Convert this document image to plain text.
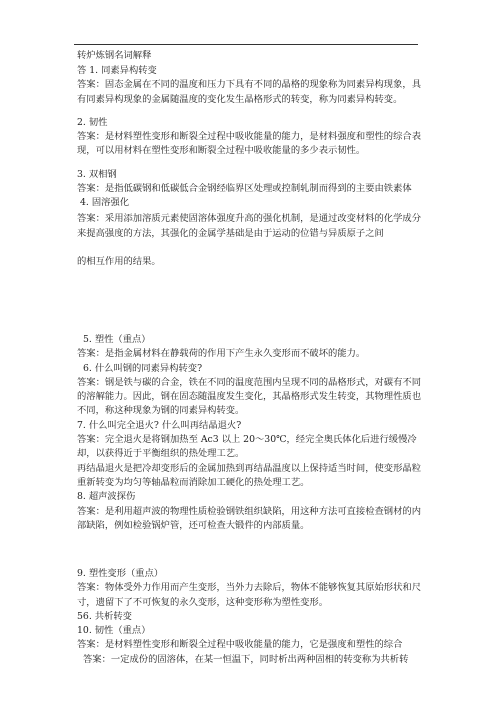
转炉炼钢名词解释

答 1. 同素异构转变

答案：固态金属在不同的温度和压力下具有不同的晶格的现象称为同素异构现象，具有同素异构现象的金属随温度的变化发生晶格形式的转变，称为同素异构转变。

2. 韧性

答案：是材料塑性变形和断裂全过程中吸收能量的能力，是材料强度和塑性的综合表现，可以用材料在塑性变形和断裂全过程中吸收能量的多少表示韧性。

3. 双相钢

答案：是指低碳钢和低碳低合金钢经临界区处理或控制轧制而得到的主要由铁素体

4. 固溶强化

答案：采用添加溶质元素使固溶体强度升高的强化机制，是通过改变材料的化学成分来提高强度的方法，其强化的金属学基础是由于运动的位错与异质原子之间

的相互作用的结果。

5. 塑性（重点）

答案：是指金属材料在静载荷的作用下产生永久变形而不破坏的能力。

6. 什么叫钢的同素异构转变?

答案：钢是铁与碳的合金，铁在不同的温度范围内呈现不同的晶格形式，对碳有不同的溶解能力。因此，钢在固态随温度发生变化，其晶格形式发生转变，其物理性质也不同，称这种现象为钢的同素异构转变。

7. 什么叫完全退火? 什么叫再结晶退火?

答案：完全退火是将钢加热至 Ac3 以上 20～30℃，经完全奥氏体化后进行缓慢冷却，以获得近于平衡组织的热处理工艺。

再结晶退火是把冷却变形后的金属加热到再结晶温度以上保持适当时间，使变形晶粒重新转变为均匀等轴晶粒而消除加工硬化的热处理工艺。

8. 超声波探伤

答案：是利用超声波的物理性质检验钢铁组织缺陷，用这种方法可直接检查钢材的内部缺陷，例如检验锅炉管，还可检查大锻件的内部质量。

9. 塑性变形（重点）

答案：物体受外力作用而产生变形，当外力去除后，物体不能够恢复其原始形状和尺寸，遗留下了不可恢复的永久变形，这种变形称为塑性变形。

56. 共析转变

10. 韧性（重点）

答案：是材料塑性变形和断裂全过程中吸收能量的能力，它是强度和塑性的综合

答案：一定成份的固溶体，在某一恒温下，同时析出两种固相的转变称为共析转
